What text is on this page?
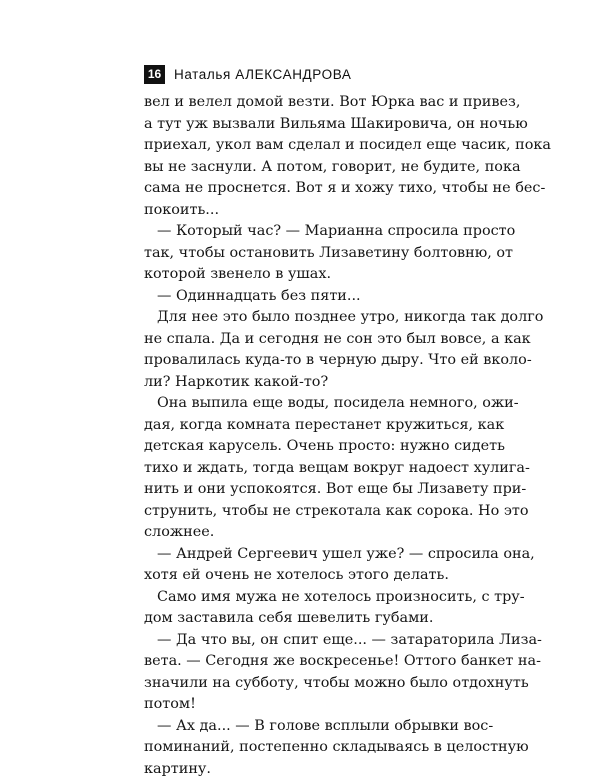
16 Наталья АЛЕКСАНДРОВА
вел и велел домой везти. Вот Юрка вас и привез,
а тут уж вызвали Вильяма Шакировича, он ночью
приехал, укол вам сделал и посидел еще часик, пока
вы не заснули. А потом, говорит, не будите, пока
сама не проснется. Вот я и хожу тихо, чтобы не бес-
покоить...
— Который час? — Марианна спросила просто
так, чтобы остановить Лизаветину болтовню, от
которой звенело в ушах.
— Одиннадцать без пяти...
Для нее это было позднее утро, никогда так долго
не спала. Да и сегодня не сон это был вовсе, а как
провалилась куда-то в черную дыру. Что ей вколо-
ли? Наркотик какой-то?
Она выпила еще воды, посидела немного, ожи-
дая, когда комната перестанет кружиться, как
детская карусель. Очень просто: нужно сидеть
тихо и ждать, тогда вещам вокруг надоест хулига-
нить и они успокоятся. Вот еще бы Лизавету при-
струнить, чтобы не стрекотала как сорока. Но это
сложнее.
— Андрей Сергеевич ушел уже? — спросила она,
хотя ей очень не хотелось этого делать.
Само имя мужа не хотелось произносить, с тру-
дом заставила себя шевелить губами.
— Да что вы, он спит еще... — затараторила Лиза-
вета. — Сегодня же воскресенье! Оттого банкет на-
значили на субботу, чтобы можно было отдохнуть
потом!
— Ах да... — В голове всплыли обрывки вос-
поминаний, постепенно складываясь в целостную
картину.
